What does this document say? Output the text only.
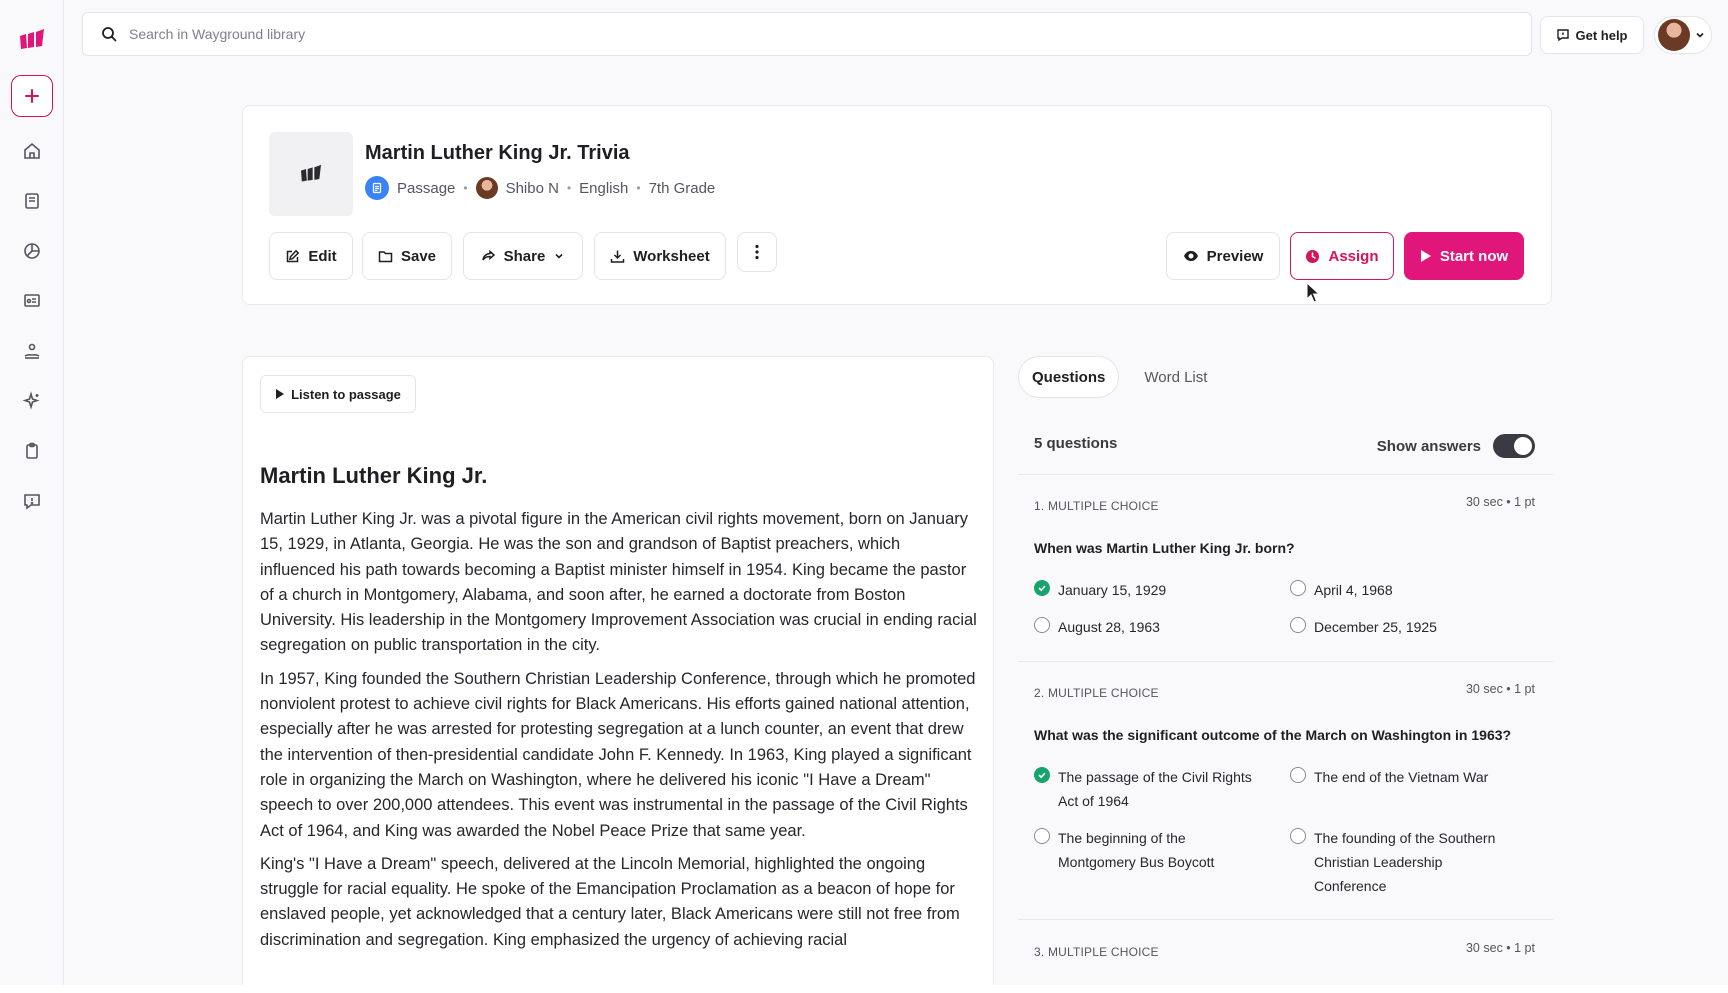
Search in Wayground library
Get help
Martin Luther King Jr. Trivia
Passage •	Shibo N • English • 7th Grade
Edit	Save	Share	Worksheet	Preview	Assign	Start now
Listen to passage
Martin Luther King Jr.

Martin Luther King Jr. was a pivotal figure in the American civil rights movement, born on January 15, 1929, in Atlanta, Georgia. He was the son and grandson of Baptist preachers, which influenced his path towards becoming a Baptist minister himself in 1954. King became the pastor of a church in Montgomery, Alabama, and soon after, he earned a doctorate from Boston University. His leadership in the Montgomery Improvement Association was crucial in ending racial segregation on public transportation in the city.

In 1957, King founded the Southern Christian Leadership Conference, through which he promoted nonviolent protest to achieve civil rights for Black Americans. His efforts gained national attention, especially after he was arrested for protesting segregation at a lunch counter, an event that drew the intervention of then-presidential candidate John F. Kennedy. In 1963, King played a significant role in organizing the March on Washington, where he delivered his iconic "I Have a Dream" speech to over 200,000 attendees. This event was instrumental in the passage of the Civil Rights Act of 1964, and King was awarded the Nobel Peace Prize that same year.

King's "I Have a Dream" speech, delivered at the Lincoln Memorial, highlighted the ongoing struggle for racial equality. He spoke of the Emancipation Proclamation as a beacon of hope for enslaved people, yet acknowledged that a century later, Black Americans were still not free from discrimination and segregation. King emphasized the urgency of achieving racial

Questions	Word List
5 questions	Show answers
1. MULTIPLE CHOICE	30 sec • 1 pt
When was Martin Luther King Jr. born?
January 15, 1929	April 4, 1968
August 28, 1963	December 25, 1925
2. MULTIPLE CHOICE	30 sec • 1 pt
What was the significant outcome of the March on Washington in 1963?
The passage of the Civil Rights Act of 1964
The end of the Vietnam War
The beginning of the Montgomery Bus Boycott
The founding of the Southern Christian Leadership Conference
3. MULTIPLE CHOICE	30 sec • 1 pt
